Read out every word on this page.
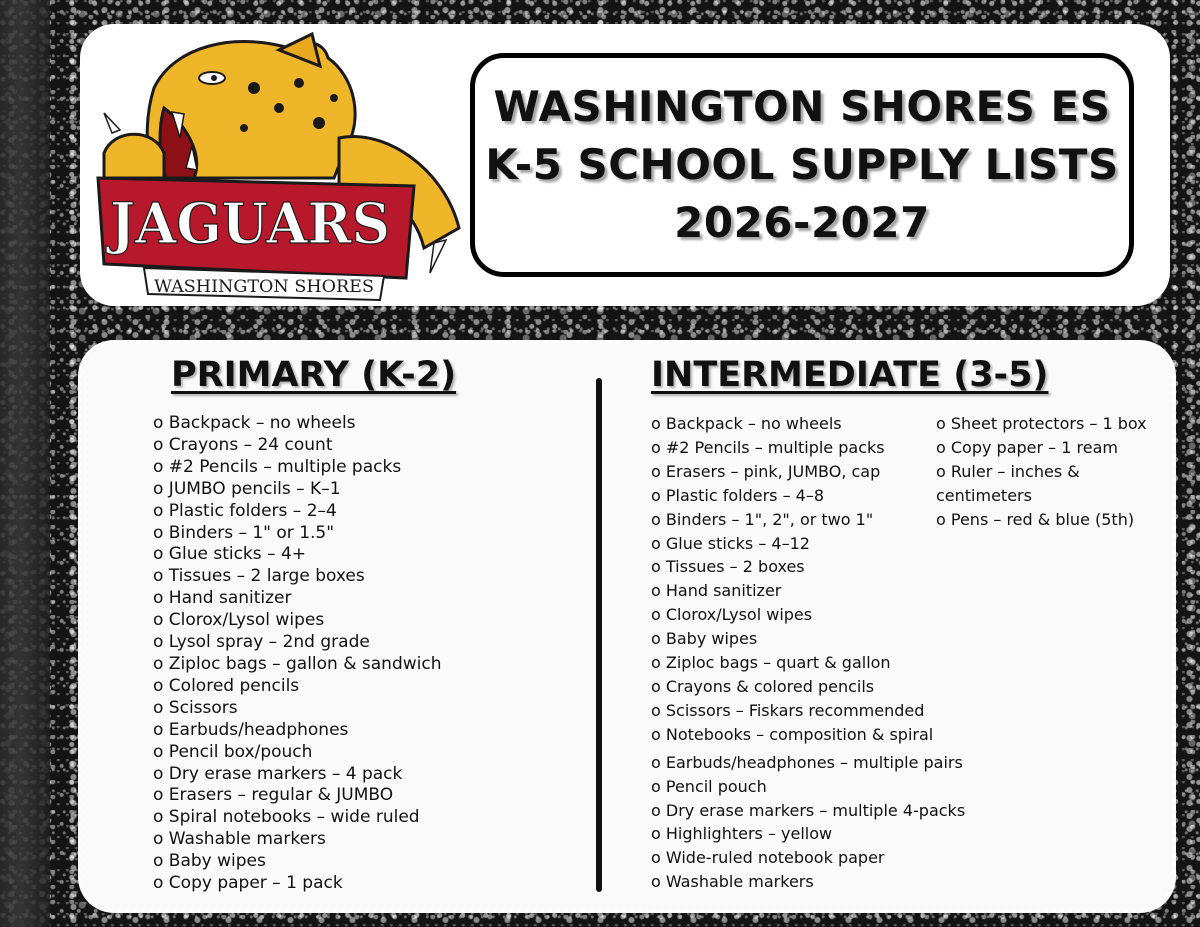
JAGUARS
WASHINGTON SHORES
WASHINGTON SHORES ES
K-5 SCHOOL SUPPLY LISTS
2026-2027
PRIMARY (K-2)
o Backpack – no wheels
o Crayons – 24 count
o #2 Pencils – multiple packs
o JUMBO pencils – K–1
o Plastic folders – 2–4
o Binders – 1" or 1.5"
o Glue sticks – 4+
o Tissues – 2 large boxes
o Hand sanitizer
o Clorox/Lysol wipes
o Lysol spray – 2nd grade
o Ziploc bags – gallon & sandwich
o Colored pencils
o Scissors
o Earbuds/headphones
o Pencil box/pouch
o Dry erase markers – 4 pack
o Erasers – regular & JUMBO
o Spiral notebooks – wide ruled
o Washable markers
o Baby wipes
o Copy paper – 1 pack
INTERMEDIATE (3-5)
o Backpack – no wheels
o #2 Pencils – multiple packs
o Erasers – pink, JUMBO, cap
o Plastic folders – 4–8
o Binders – 1", 2", or two 1"
o Glue sticks – 4–12
o Tissues – 2 boxes
o Hand sanitizer
o Clorox/Lysol wipes
o Baby wipes
o Ziploc bags – quart & gallon
o Crayons & colored pencils
o Scissors – Fiskars recommended
o Notebooks – composition & spiral
o Earbuds/headphones – multiple pairs
o Pencil pouch
o Dry erase markers – multiple 4-packs
o Highlighters – yellow
o Wide-ruled notebook paper
o Washable markers
o Sheet protectors – 1 box
o Copy paper – 1 ream
o Ruler – inches &
centimeters
o Pens – red & blue (5th)
